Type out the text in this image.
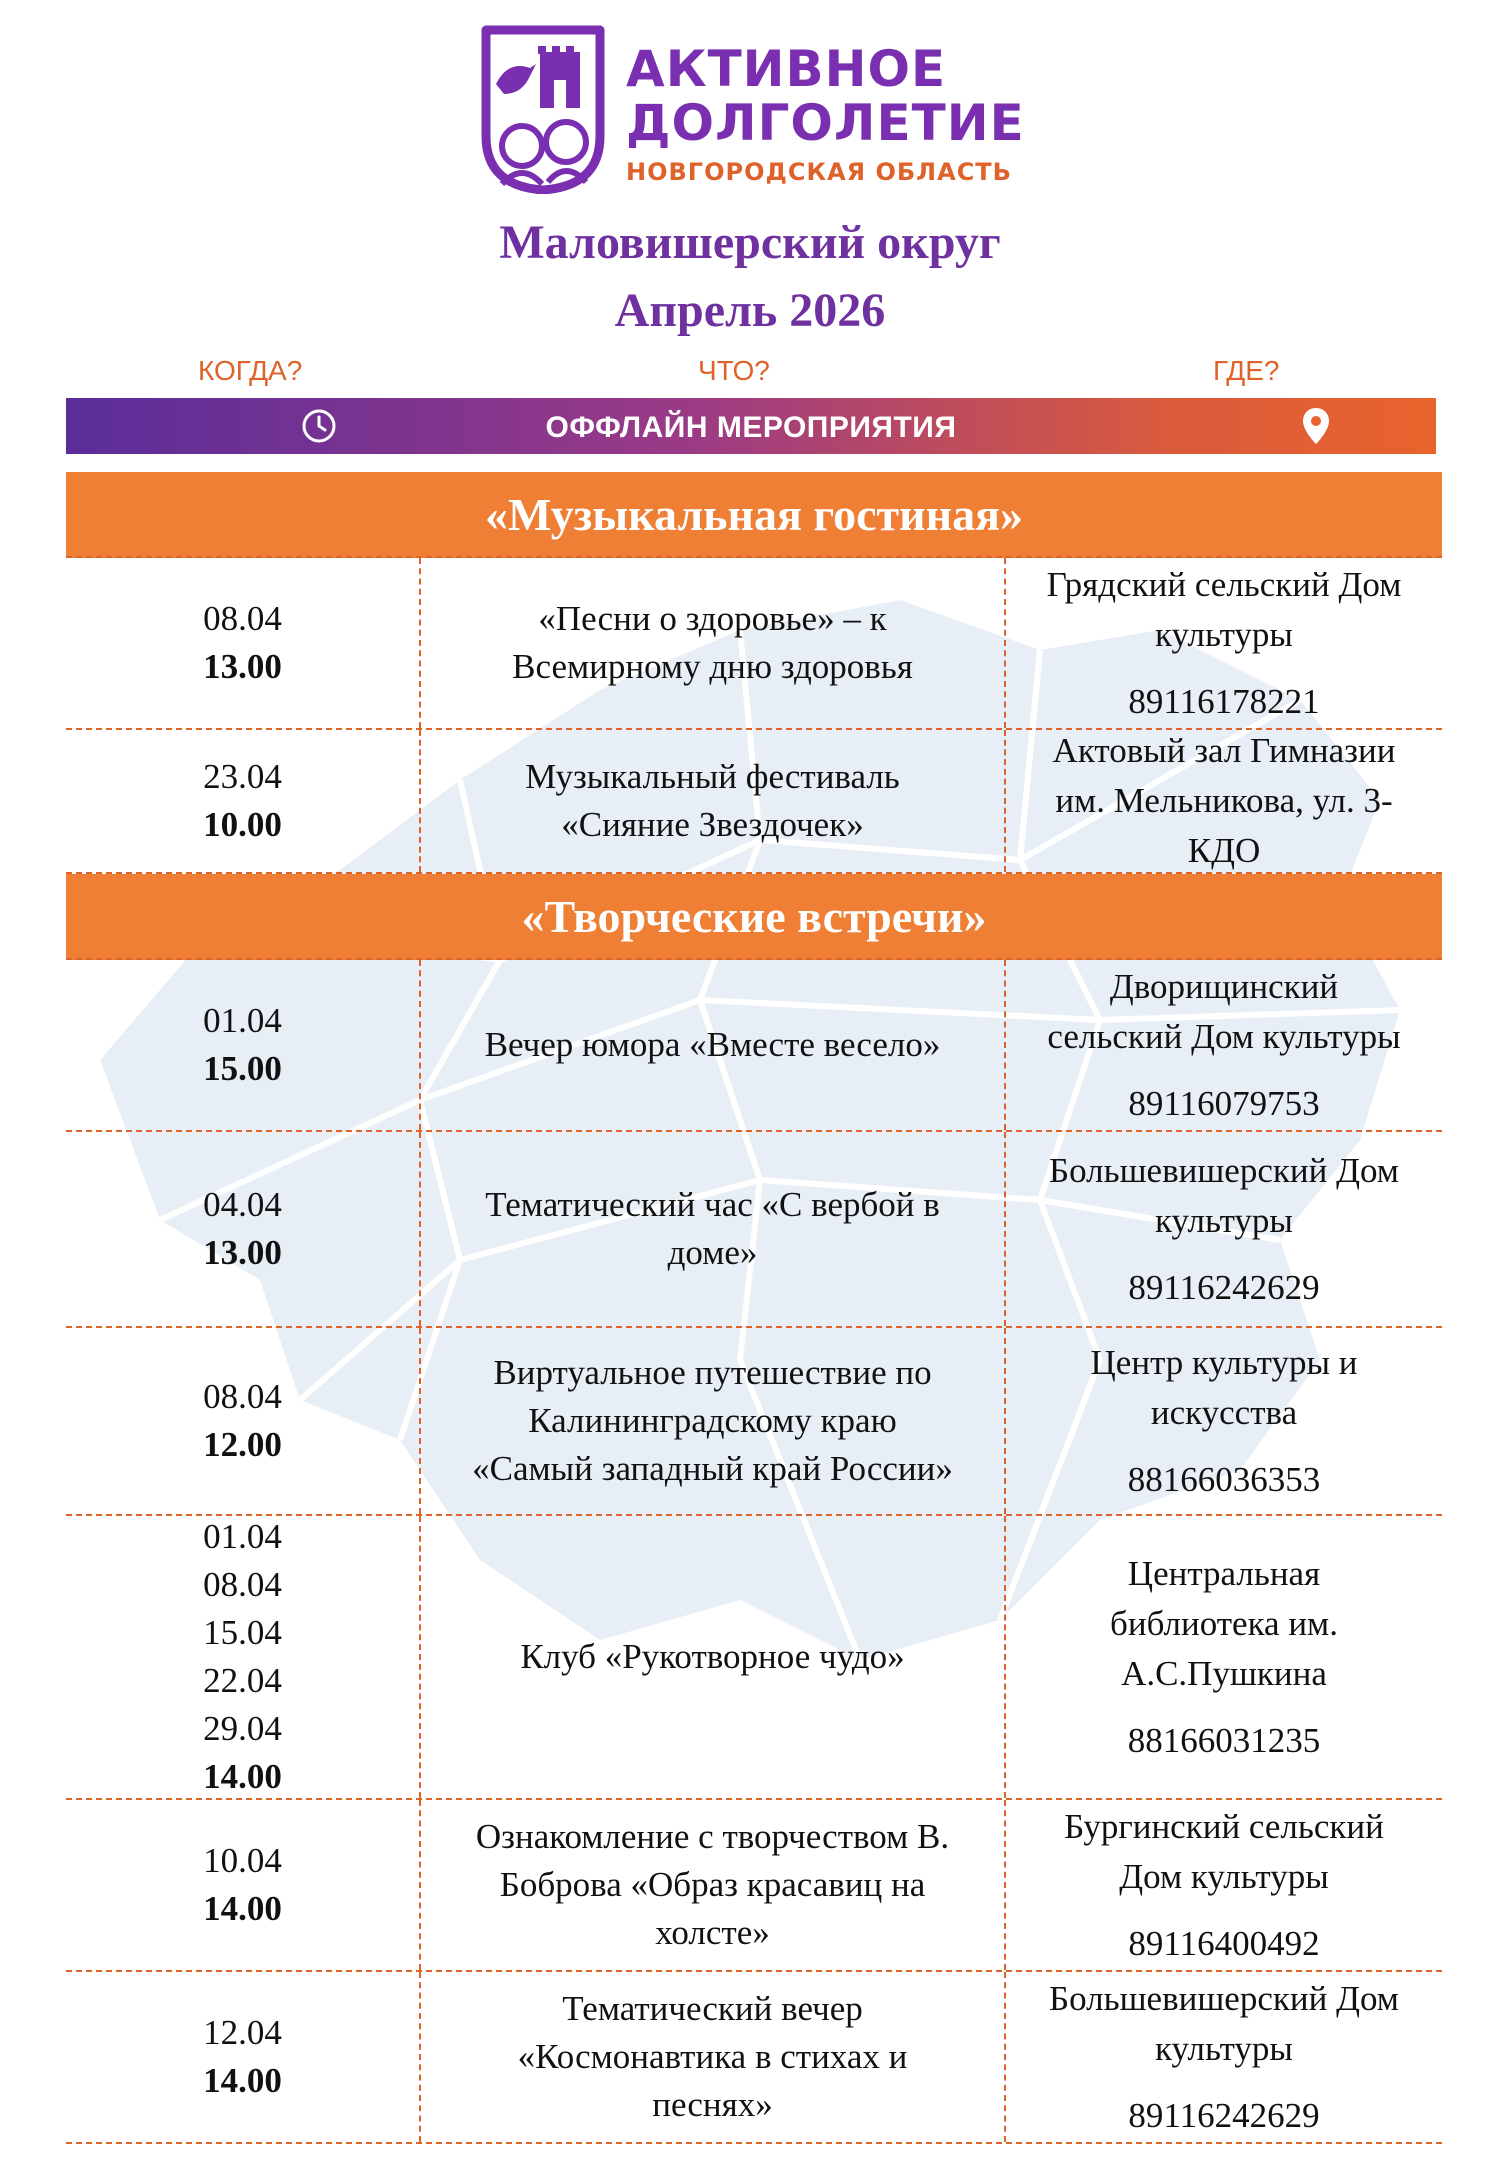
АКТИВНОЕ
ДОЛГОЛЕТИЕ
НОВГОРОДСКАЯ ОБЛАСТЬ
Маловишерский округ
Апрель 2026
КОГДА?	ЧТО?	ГДЕ?
ОФФЛАЙН МЕРОПРИЯТИЯ
«Музыкальная гостиная»
08.04
13.00
«Песни о здоровье» – к
Всемирному дню здоровья
Грядский сельский Дом
культуры
89116178221
23.04
10.00
Музыкальный фестиваль
«Сияние Звездочек»
Актовый зал Гимназии
им. Мельникова, ул. 3-
КДО
«Творческие встречи»
01.04
15.00
Вечер юмора «Вместе весело»
Дворищинский
сельский Дом культуры
89116079753
04.04
13.00
Тематический час «С вербой в
доме»
Большевишерский Дом
культуры
89116242629
08.04
12.00
Виртуальное путешествие по
Калининградскому краю
«Самый западный край России»
Центр культуры и
искусства
88166036353
01.04
08.04
15.04
22.04
29.04
14.00
Клуб «Рукотворное чудо»
Центральная
библиотека им.
А.С.Пушкина
88166031235
10.04
14.00
Ознакомление с творчеством В.
Боброва «Образ красавиц на
холсте»
Бургинский сельский
Дом культуры
89116400492
12.04
14.00
Тематический вечер
«Космонавтика в стихах и
песнях»
Большевишерский Дом
культуры
89116242629
